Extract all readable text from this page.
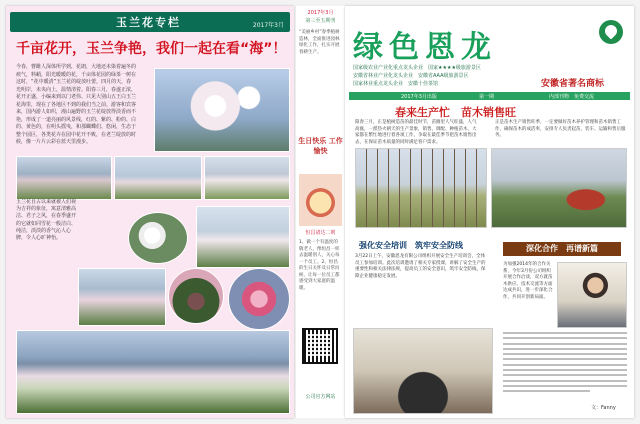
玉兰花专栏	2017年3月
千亩花开，玉兰争艳，我们一起在看“海”！
今春，曹雎人深体所学到，花朗，大地还未染着遍冬的痕气，料峭，阳光暖暖的花，千亩体花园的绿茶一树在这时，“花中暖清”玉兰花的绽放吐蕾，四月的天，春光明岸，未央向上，温情清着。阳春三月，春遂正浓，花开正盛，小编来到以门老伟、只见大别山五王白玉兰花海里，现在了各地区不到的我们当之前。游客和宾客来，国内游人如织，漫山遍野的玉兰花绽放得淡香而不艳，形成了一道亮丽的风景线，红的、紫的、粉的、白的、黄色的，在明头摇曳，和那蝴蝶们、悠闲，生态于整个园区，各类花卉在园中花开不败，在老兰绽放的时候，像一片片云彩在蓝天里漫步。
玉兰花自古以来就被人们视为吉祥的象征，寓意清雅高洁、君子之风，在春季盛开的它就如同雪花一般洁白、纯洁，淡淡的香气沁人心脾，令人心旷神怡。
2017年3月
第三至五期刊
“美丽乡村”春季植树造林，全面推进园林绿化工作，扎实开展春耕生产。
生日快乐 工作愉快
恒昌诸达二则
1、做一个有温度的敬老人，像恒昌一样去温暖别人，关心每一个员工。2、恒昌的生日关怀及日常问候，让每一位员工都感受到大家庭的温暖。
公司官方网站
绿色恩龙
国家级农业产业化重点龙头企业　国家★★★★级旅游景区
安徽省林业产业化龙头企业　安徽省AAA级旅游景区
国家林业重点龙头企业　安徽十佳茶馆	安徽省著名商标
2017年3月出版	第一期	内部刊物　免费交流
春来生产忙　苗木销售旺
阳春三月，正是植树造苗的最佳时节，苗圈里人气旺盛，人气高涨，一派热火朝天的生产景象，销售、调配、种植苗木，大家都在繁忙地进行着各项工作，争取在最佳季节把苗木销售出去，在保证苗木质量的同时满足客户需求。
正是苗木生产销售旺季，一定要做好苗木养护管理和苗木销售工作，确保苗木的成活率，安排专人负责起苗、装车、运输和售后服务。
强化安全培训　筑牢安全防线
3月22日上午，安徽恩龙有限公司组织开展安全生产培训会，全体员工参加培训。此次培训邀请了相关专家授课，讲解了安全生产的重要性和相关法律法规，提高员工的安全意识，筑牢安全防线，保障企业健康稳定发展。
深化合作　再谱新篇
为加强2014年的合作关系，今年3月份公司组织开展合作洽谈，双方就苗木供应、技术交流等方面达成共识，进一步深化合作，共同开创新局面。
文：Fanny
